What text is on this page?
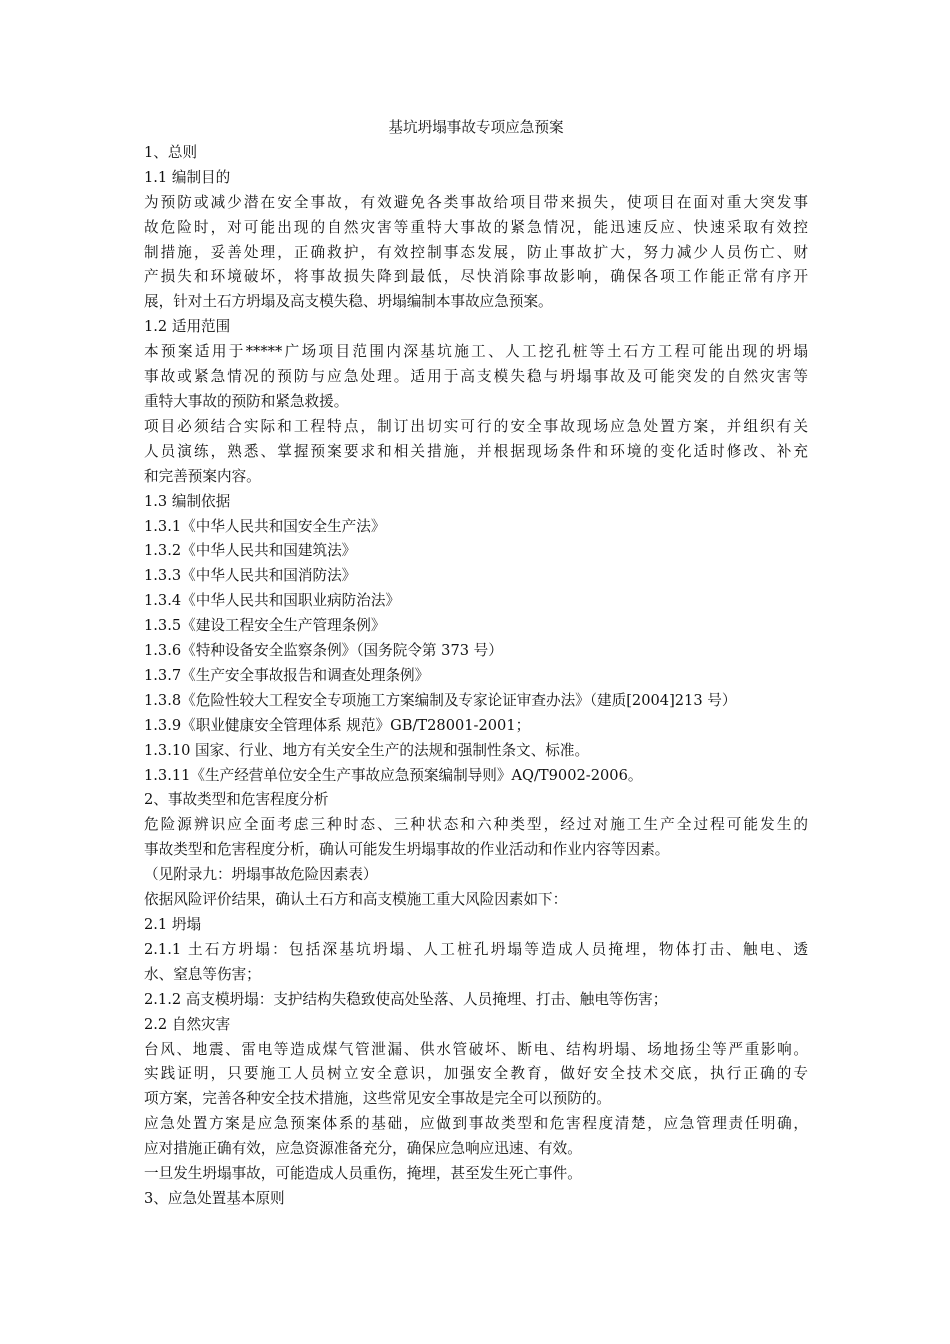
基坑坍塌事故专项应急预案

1、总则

1.1 编制目的

为预防或减少潜在安全事故，有效避免各类事故给项目带来损失，使项目在面对重大突发事

故危险时，对可能出现的自然灾害等重特大事故的紧急情况，能迅速反应、快速采取有效控

制措施，妥善处理，正确救护，有效控制事态发展，防止事故扩大，努力减少人员伤亡、财

产损失和环境破坏，将事故损失降到最低，尽快消除事故影响，确保各项工作能正常有序开

展，针对土石方坍塌及高支模失稳、坍塌编制本事故应急预案。

1.2 适用范围

本预案适用于*****广场项目范围内深基坑施工、人工挖孔桩等土石方工程可能出现的坍塌

事故或紧急情况的预防与应急处理。适用于高支模失稳与坍塌事故及可能突发的自然灾害等

重特大事故的预防和紧急救援。

项目必须结合实际和工程特点，制订出切实可行的安全事故现场应急处置方案，并组织有关

人员演练，熟悉、掌握预案要求和相关措施，并根据现场条件和环境的变化适时修改、补充

和完善预案内容。

1.3 编制依据

1.3.1《中华人民共和国安全生产法》

1.3.2《中华人民共和国建筑法》

1.3.3《中华人民共和国消防法》

1.3.4《中华人民共和国职业病防治法》

1.3.5《建设工程安全生产管理条例》

1.3.6《特种设备安全监察条例》（国务院令第 373 号）

1.3.7《生产安全事故报告和调查处理条例》

1.3.8《危险性较大工程安全专项施工方案编制及专家论证审查办法》（建质[2004]213 号）

1.3.9《职业健康安全管理体系 规范》GB/T28001-2001；

1.3.10 国家、行业、地方有关安全生产的法规和强制性条文、标准。

1.3.11《生产经营单位安全生产事故应急预案编制导则》AQ/T9002-2006。

2、事故类型和危害程度分析

危险源辨识应全面考虑三种时态、三种状态和六种类型，经过对施工生产全过程可能发生的

事故类型和危害程度分析，确认可能发生坍塌事故的作业活动和作业内容等因素。

（见附录九：坍塌事故危险因素表）

依据风险评价结果，确认土石方和高支模施工重大风险因素如下：

2.1 坍塌

2.1.1 土石方坍塌：包括深基坑坍塌、人工桩孔坍塌等造成人员掩埋，物体打击、触电、透

水、窒息等伤害；

2.1.2 高支模坍塌：支护结构失稳致使高处坠落、人员掩埋、打击、触电等伤害；

2.2 自然灾害

台风、地震、雷电等造成煤气管泄漏、供水管破坏、断电、结构坍塌、场地扬尘等严重影响。

实践证明，只要施工人员树立安全意识，加强安全教育，做好安全技术交底，执行正确的专

项方案，完善各种安全技术措施，这些常见安全事故是完全可以预防的。

应急处置方案是应急预案体系的基础，应做到事故类型和危害程度清楚，应急管理责任明确，

应对措施正确有效，应急资源准备充分，确保应急响应迅速、有效。

一旦发生坍塌事故，可能造成人员重伤，掩埋，甚至发生死亡事件。

3、应急处置基本原则
